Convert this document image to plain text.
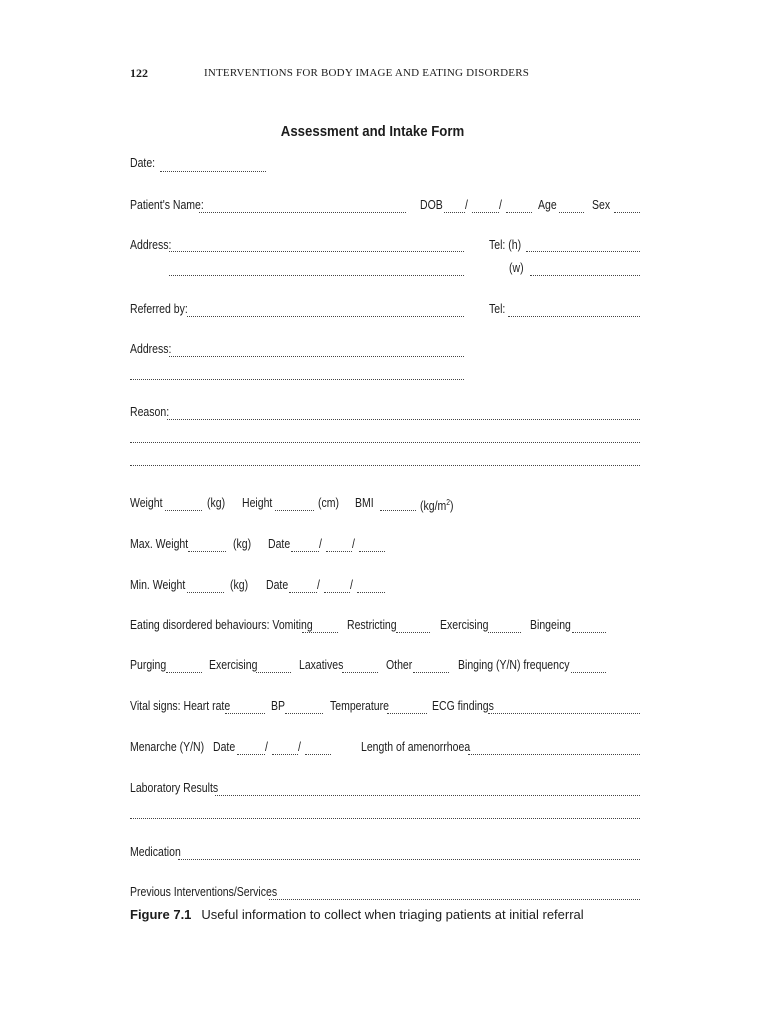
122	INTERVENTIONS FOR BODY IMAGE AND EATING DISORDERS
Assessment and Intake Form
Date:
Patient's Name:	DOB / /	Age	Sex
Address:	Tel: (h)
(w)
Referred by:	Tel:
Address:
Reason:
Weight	(kg) Height	(cm) BMI	$(kg/m^2)$
Max. Weight	(kg) Date / /
Min. Weight	(kg) Date / /
Eating disordered behaviours: Vomiting	Restricting	Exercising	Bingeing
Purging	Exercising	Laxatives	Other	Binging (Y/N) frequency
Vital signs: Heart rate	BP	Temperature	ECG findings
Menarche (Y/N) Date / /	Length of amenorrhoea
Laboratory Results
Medication
Previous Interventions/Services
Figure 7.1 Useful information to collect when triaging patients at initial referral
